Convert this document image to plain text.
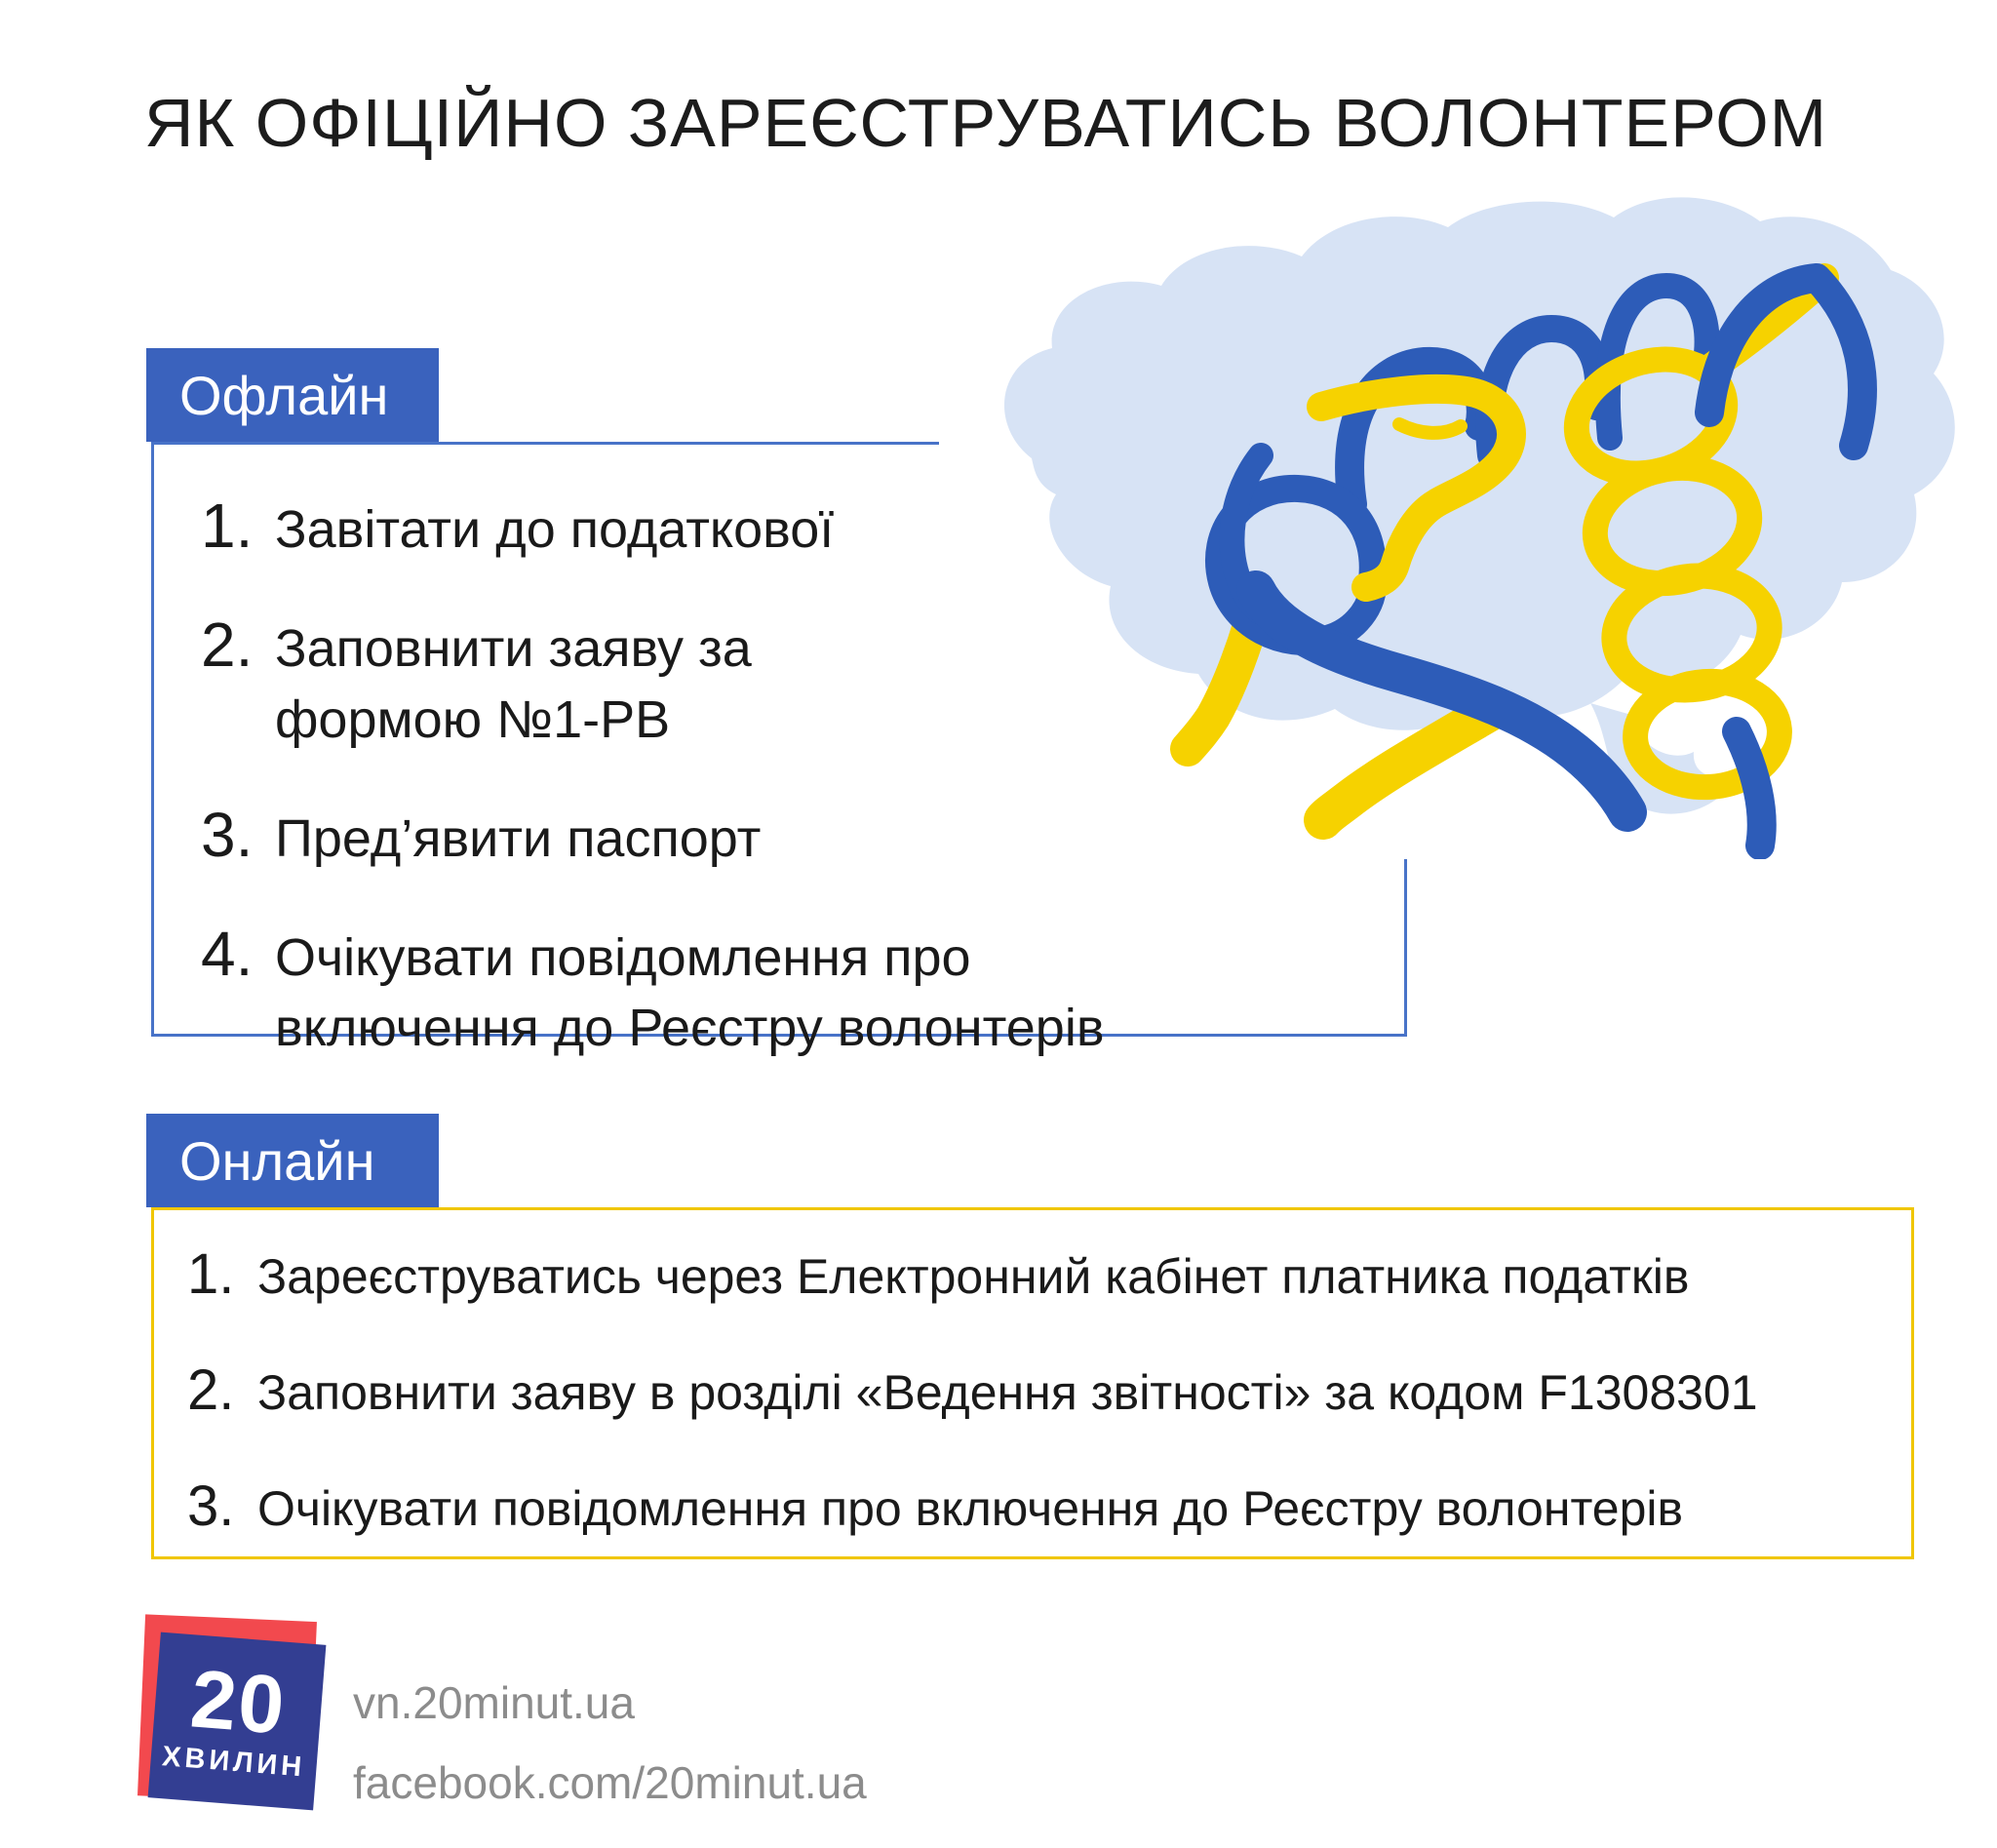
ЯК ОФІЦІЙНО ЗАРЕЄСТРУВАТИСЬ ВОЛОНТЕРОМ
Офлайн
1. Завітати до податкової
2. Заповнити заяву за
формою №1-РВ
3. Пред’явити паспорт
4. Очікувати повідомлення про
включення до Реєстру волонтерів
Онлайн
1. Зареєструватись через Електронний кабінет платника податків
2. Заповнити заяву в розділі «Ведення звітності» за кодом F1308301
3. Очікувати повідомлення про включення до Реєстру волонтерів
20
ХВИЛИН
vn.20minut.ua
facebook.com/20minut.ua
